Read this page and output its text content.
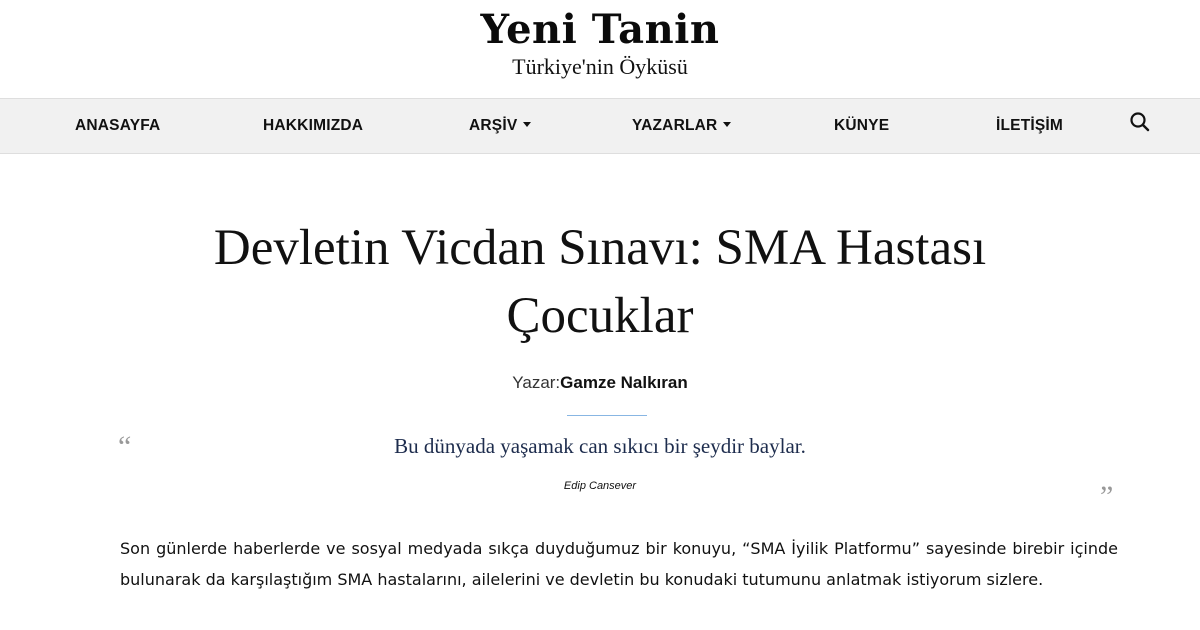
Yeni Tanin
Türkiye'nin Öyküsü
ANASAYFA	HAKKIMIZDA	ARŞİV	YAZARLAR	KÜNYE	İLETİŞİM
Devletin Vicdan Sınavı: SMA Hastası
Çocuklar
Yazar:Gamze Nalkıran
“	Bu dünyada yaşamak can sıkıcı bir şeydir baylar.
Edip Cansever	”
Son günlerde haberlerde ve sosyal medyada sıkça duyduğumuz bir konuyu, “SMA İyilik Platformu” sayesinde birebir içinde bulunarak da karşılaştığım SMA hastalarını, ailelerini ve devletin bu konudaki tutumunu anlatmak istiyorum sizlere.
